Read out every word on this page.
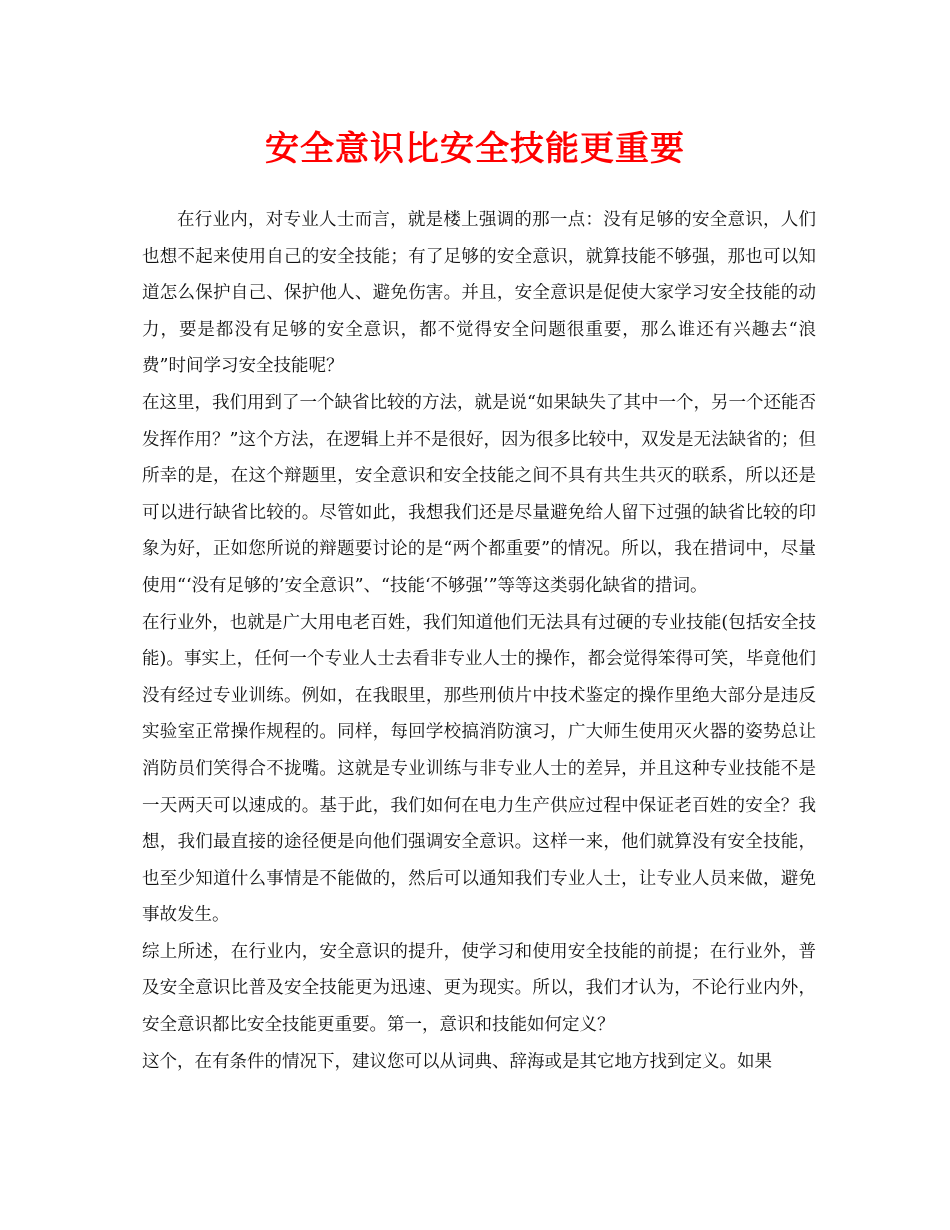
安全意识比安全技能更重要

在行业内，对专业人士而言，就是楼上强调的那一点：没有足够的安全意识，人们也想不起来使用自己的安全技能；有了足够的安全意识，就算技能不够强，那也可以知道怎么保护自己、保护他人、避免伤害。并且，安全意识是促使大家学习安全技能的动力，要是都没有足够的安全意识，都不觉得安全问题很重要，那么谁还有兴趣去“浪费”时间学习安全技能呢？

在这里，我们用到了一个缺省比较的方法，就是说“如果缺失了其中一个，另一个还能否发挥作用？”这个方法，在逻辑上并不是很好，因为很多比较中，双发是无法缺省的；但所幸的是，在这个辩题里，安全意识和安全技能之间不具有共生共灭的联系，所以还是可以进行缺省比较的。尽管如此，我想我们还是尽量避免给人留下过强的缺省比较的印象为好，正如您所说的辩题要讨论的是“两个都重要”的情况。所以，我在措词中，尽量使用“‘没有足够的’安全意识”、“技能‘不够强’”等等这类弱化缺省的措词。

在行业外，也就是广大用电老百姓，我们知道他们无法具有过硬的专业技能(包括安全技能)。事实上，任何一个专业人士去看非专业人士的操作，都会觉得笨得可笑，毕竟他们没有经过专业训练。例如，在我眼里，那些刑侦片中技术鉴定的操作里绝大部分是违反实验室正常操作规程的。同样，每回学校搞消防演习，广大师生使用灭火器的姿势总让消防员们笑得合不拢嘴。这就是专业训练与非专业人士的差异，并且这种专业技能不是一天两天可以速成的。基于此，我们如何在电力生产供应过程中保证老百姓的安全？我想，我们最直接的途径便是向他们强调安全意识。这样一来，他们就算没有安全技能，也至少知道什么事情是不能做的，然后可以通知我们专业人士，让专业人员来做，避免事故发生。

综上所述，在行业内，安全意识的提升，使学习和使用安全技能的前提；在行业外，普及安全意识比普及安全技能更为迅速、更为现实。所以，我们才认为，不论行业内外，安全意识都比安全技能更重要。第一，意识和技能如何定义？

这个，在有条件的情况下，建议您可以从词典、辞海或是其它地方找到定义。如果
